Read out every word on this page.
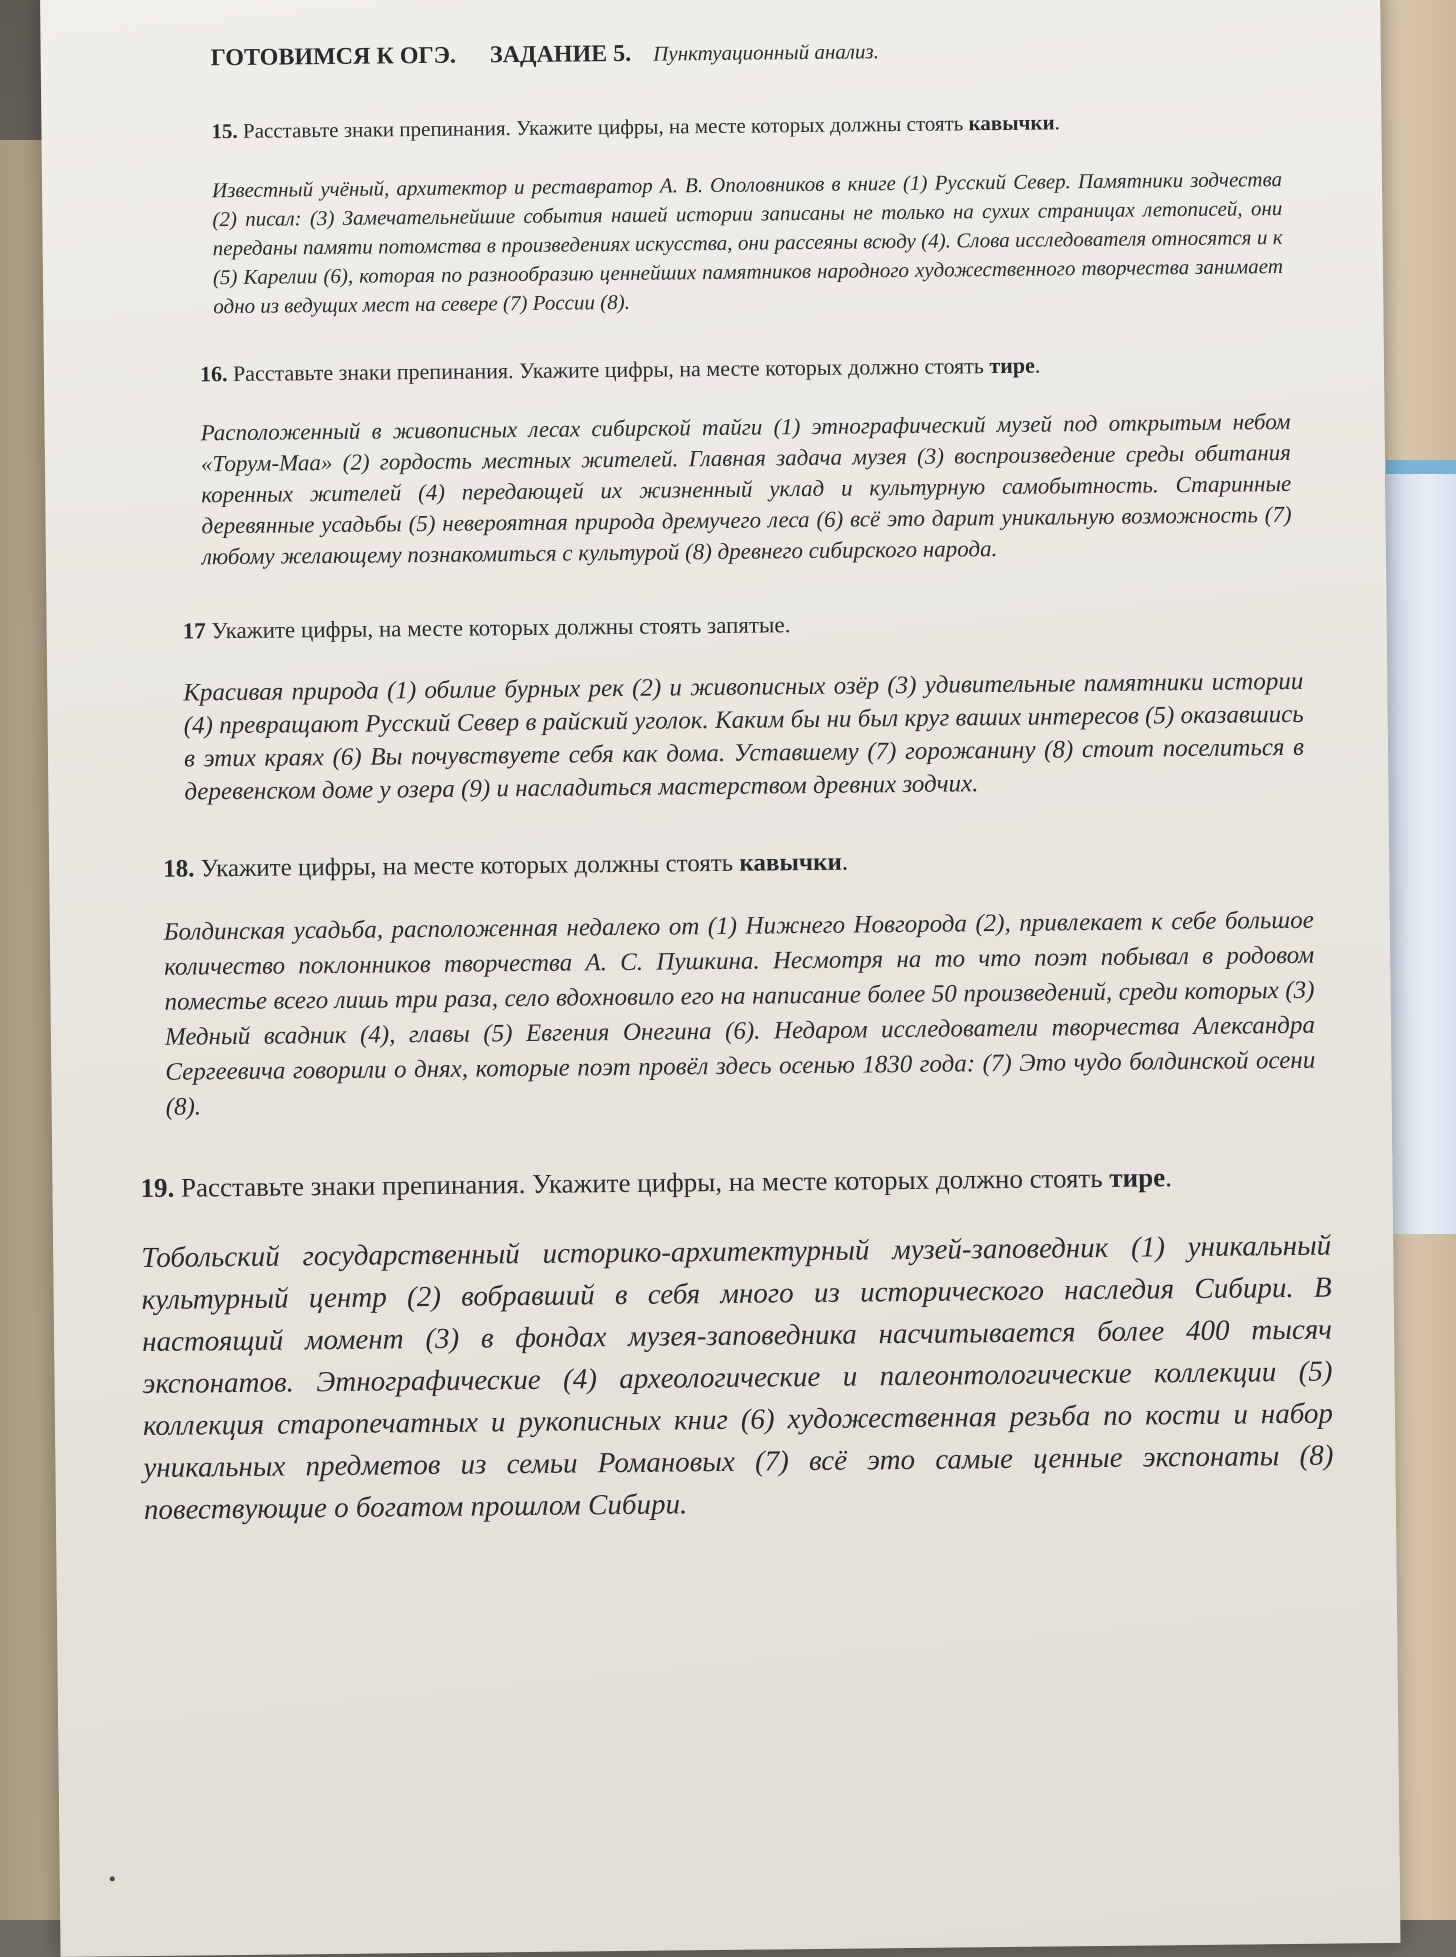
ГОТОВИМСЯ К ОГЭ. ЗАДАНИЕ 5. Пунктуационный анализ.
15. Расставьте знаки препинания. Укажите цифры, на месте которых должны стоять кавычки.
Известный учёный, архитектор и реставратор А. В. Ополовников в книге (1) Русский Север. Памятники зодчества (2) писал: (3) Замечательнейшие события нашей истории записаны не только на сухих страницах летописей, они переданы памяти потомства в произведениях искусства, они рассеяны всюду (4). Слова исследователя относятся и к (5) Карелии (6), которая по разнообразию ценнейших памятников народного художественного творчества занимает одно из ведущих мест на севере (7) России (8).
16. Расставьте знаки препинания. Укажите цифры, на месте которых должно стоять тире.
Расположенный в живописных лесах сибирской тайги (1) этнографический музей под открытым небом «Торум-Маа» (2) гордость местных жителей. Главная задача музея (3) воспроизведение среды обитания коренных жителей (4) передающей их жизненный уклад и культурную самобытность. Старинные деревянные усадьбы (5) невероятная природа дремучего леса (6) всё это дарит уникальную возможность (7) любому желающему познакомиться с культурой (8) древнего сибирского народа.
17 Укажите цифры, на месте которых должны стоять запятые.
Красивая природа (1) обилие бурных рек (2) и живописных озёр (3) удивительные памятники истории (4) превращают Русский Север в райский уголок. Каким бы ни был круг ваших интересов (5) оказавшись в этих краях (6) Вы почувствуете себя как дома. Уставшему (7) горожанину (8) стоит поселиться в деревенском доме у озера (9) и насладиться мастерством древних зодчих.
18. Укажите цифры, на месте которых должны стоять кавычки.
Болдинская усадьба, расположенная недалеко от (1) Нижнего Новгорода (2), привлекает к себе большое количество поклонников творчества А. С. Пушкина. Несмотря на то что поэт побывал в родовом поместье всего лишь три раза, село вдохновило его на написание более 50 произведений, среди которых (3) Медный всадник (4), главы (5) Евгения Онегина (6). Недаром исследователи творчества Александра Сергеевича говорили о днях, которые поэт провёл здесь осенью 1830 года: (7) Это чудо болдинской осени (8).
19. Расставьте знаки препинания. Укажите цифры, на месте которых должно стоять тире.
Тобольский государственный историко-архитектурный музей-заповедник (1) уникальный культурный центр (2) вобравший в себя много из исторического наследия Сибири. В настоящий момент (3) в фондах музея-заповедника насчитывается более 400 тысяч экспонатов. Этнографические (4) археологические и палеонтологические коллекции (5) коллекция старопечатных и рукописных книг (6) художественная резьба по кости и набор уникальных предметов из семьи Романовых (7) всё это самые ценные экспонаты (8) повествующие о богатом прошлом Сибири.
